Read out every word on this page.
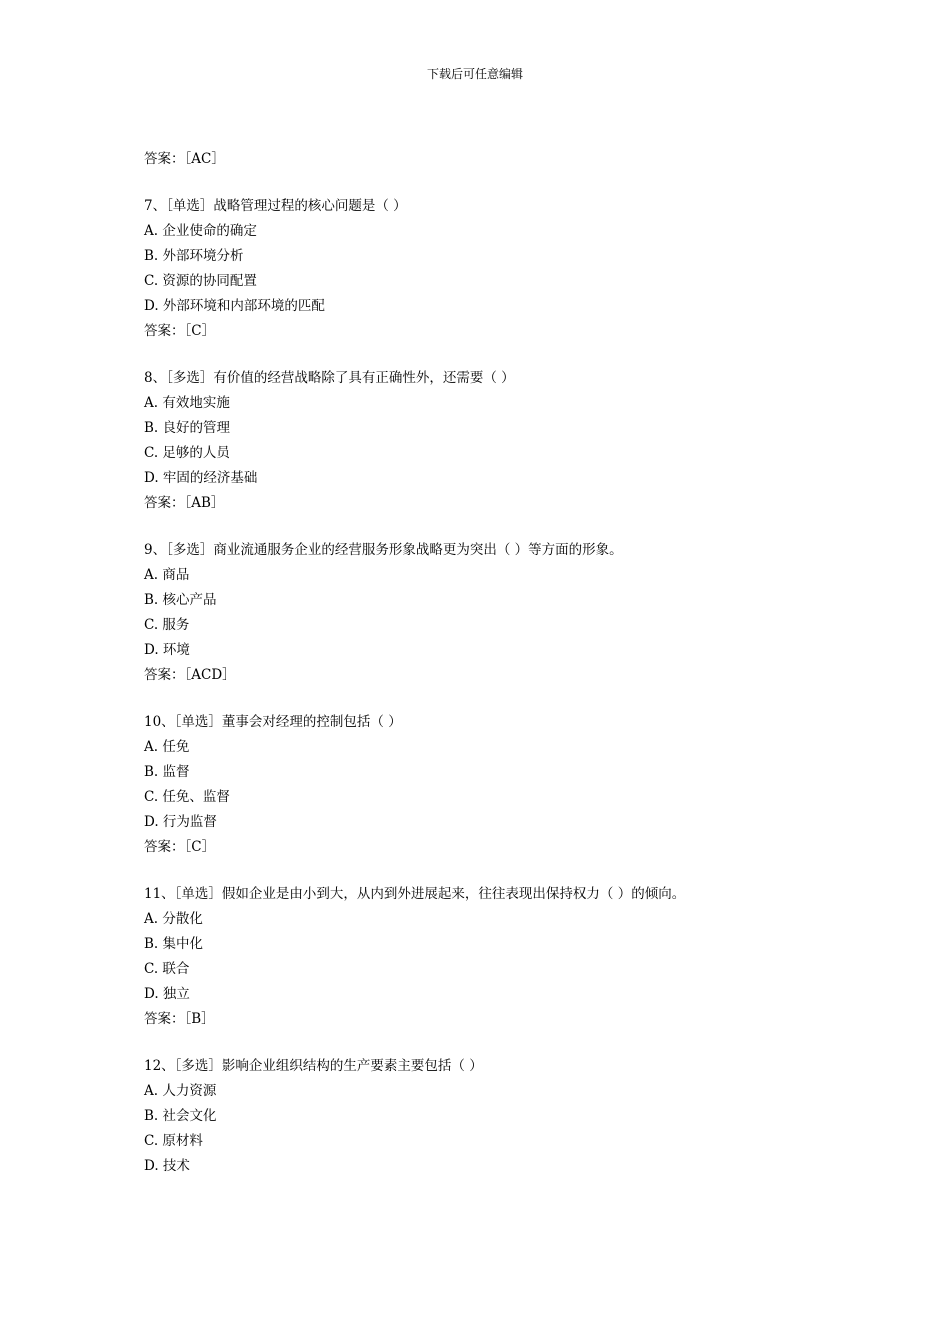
下载后可任意编辑
答案：［AC］
7、［单选］战略管理过程的核心问题是（ ）
A. 企业使命的确定
B. 外部环境分析
C. 资源的协同配置
D. 外部环境和内部环境的匹配
答案：［C］
8、［多选］有价值的经营战略除了具有正确性外，还需要（ ）
A. 有效地实施
B. 良好的管理
C. 足够的人员
D. 牢固的经济基础
答案：［AB］
9、［多选］商业流通服务企业的经营服务形象战略更为突出（ ）等方面的形象。
A. 商品
B. 核心产品
C. 服务
D. 环境
答案：［ACD］
10、［单选］董事会对经理的控制包括（ ）
A. 任免
B. 监督
C. 任免、监督
D. 行为监督
答案：［C］
11、［单选］假如企业是由小到大，从内到外进展起来，往往表现出保持权力（ ）的倾向。
A. 分散化
B. 集中化
C. 联合
D. 独立
答案：［B］
12、［多选］影响企业组织结构的生产要素主要包括（ ）
A. 人力资源
B. 社会文化
C. 原材料
D. 技术
